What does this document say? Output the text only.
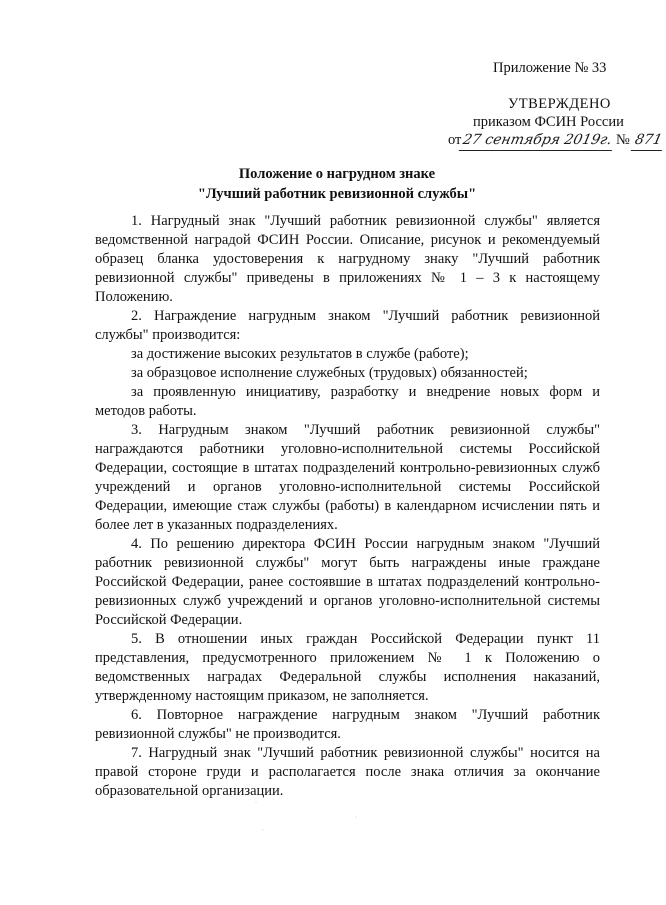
Приложение № 33
УТВЕРЖДЕНО
приказом ФСИН России
от 27 сентября 2019г. № 871
Положение о нагрудном знаке
"Лучший работник ревизионной службы"

1. Нагрудный знак "Лучший работник ревизионной службы" является ведомственной наградой ФСИН России. Описание, рисунок и рекомендуемый образец бланка удостоверения к нагрудному знаку "Лучший работник ревизионной службы" приведены в приложениях № 1 – 3 к настоящему Положению.

2. Награждение нагрудным знаком "Лучший работник ревизионной службы" производится:

за достижение высоких результатов в службе (работе);

за образцовое исполнение служебных (трудовых) обязанностей;

за проявленную инициативу, разработку и внедрение новых форм и методов работы.

3. Нагрудным знаком "Лучший работник ревизионной службы" награждаются работники уголовно-исполнительной системы Российской Федерации, состоящие в штатах подразделений контрольно-ревизионных служб учреждений и органов уголовно-исполнительной системы Российской Федерации, имеющие стаж службы (работы) в календарном исчислении пять и более лет в указанных подразделениях.

4. По решению директора ФСИН России нагрудным знаком "Лучший работник ревизионной службы" могут быть награждены иные граждане Российской Федерации, ранее состоявшие в штатах подразделений контрольно-ревизионных служб учреждений и органов уголовно-исполнительной системы Российской Федерации.

5. В отношении иных граждан Российской Федерации пункт 11 представления, предусмотренного приложением № 1 к Положению о ведомственных наградах Федеральной службы исполнения наказаний, утвержденному настоящим приказом, не заполняется.

6. Повторное награждение нагрудным знаком "Лучший работник ревизионной службы" не производится.

7. Нагрудный знак "Лучший работник ревизионной службы" носится на правой стороне груди и располагается после знака отличия за окончание образовательной организации.

·
·
·
